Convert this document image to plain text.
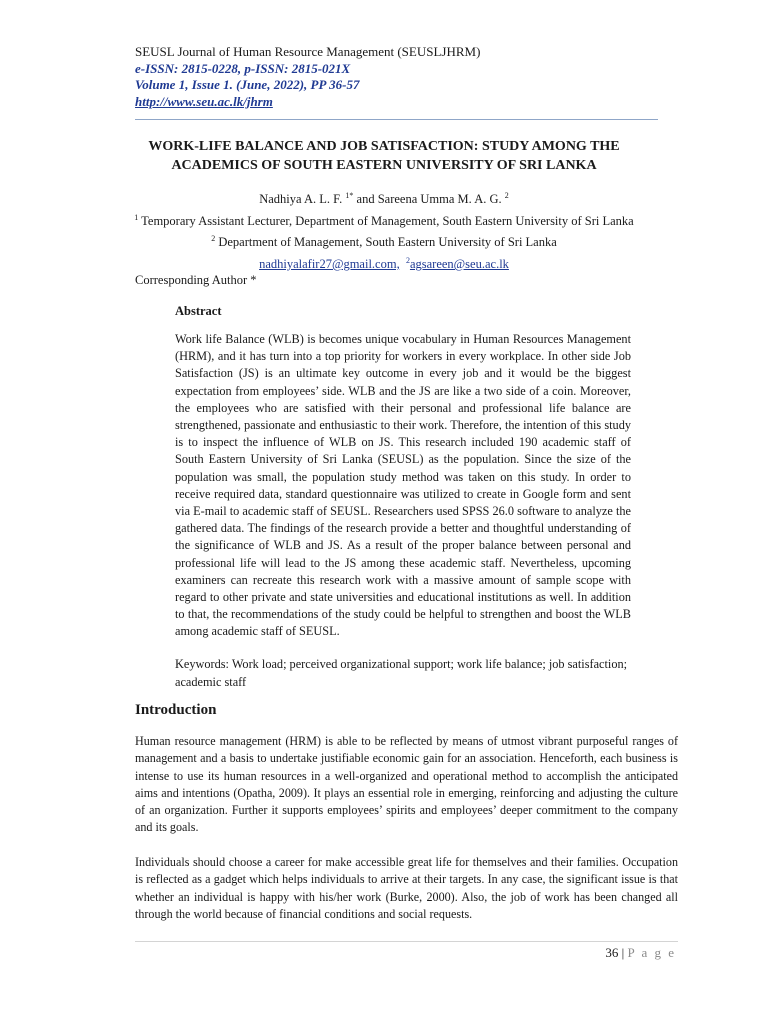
SEUSL Journal of Human Resource Management (SEUSLJHRM)
e-ISSN: 2815-0228, p-ISSN: 2815-021X
Volume 1, Issue 1. (June, 2022), PP 36-57
http://www.seu.ac.lk/jhrm
WORK-LIFE BALANCE AND JOB SATISFACTION: STUDY AMONG THE
ACADEMICS OF SOUTH EASTERN UNIVERSITY OF SRI LANKA
Nadhiya A. L. F. $^{1*}$ and Sareena Umma M. A. G. $^2$
$^1$ Temporary Assistant Lecturer, Department of Management, South Eastern University of Sri Lanka
$^2$ Department of Management, South Eastern University of Sri Lanka
nadhiyalafir27@gmail.com, $^2$agsareen@seu.ac.lk
Corresponding Author *
Abstract
Work life Balance (WLB) is becomes unique vocabulary in Human Resources Management (HRM), and it has turn into a top priority for workers in every workplace. In other side Job Satisfaction (JS) is an ultimate key outcome in every job and it would be the biggest expectation from employees’ side. WLB and the JS are like a two side of a coin. Moreover, the employees who are satisfied with their personal and professional life balance are strengthened, passionate and enthusiastic to their work. Therefore, the intention of this study is to inspect the influence of WLB on JS. This research included 190 academic staff of South Eastern University of Sri Lanka (SEUSL) as the population. Since the size of the population was small, the population study method was taken on this study. In order to receive required data, standard questionnaire was utilized to create in Google form and sent via E-mail to academic staff of SEUSL. Researchers used SPSS 26.0 software to analyze the gathered data. The findings of the research provide a better and thoughtful understanding of the significance of WLB and JS. As a result of the proper balance between personal and professional life will lead to the JS among these academic staff. Nevertheless, upcoming examiners can recreate this research work with a massive amount of sample scope with regard to other private and state universities and educational institutions as well. In addition to that, the recommendations of the study could be helpful to strengthen and boost the WLB among academic staff of SEUSL.
Keywords: Work load; perceived organizational support; work life balance; job satisfaction; academic staff
Introduction
Human resource management (HRM) is able to be reflected by means of utmost vibrant purposeful ranges of management and a basis to undertake justifiable economic gain for an association. Henceforth, each business is intense to use its human resources in a well-organized and operational method to accomplish the anticipated aims and intentions (Opatha, 2009). It plays an essential role in emerging, reinforcing and adjusting the culture of an organization. Further it supports employees’ spirits and employees’ deeper commitment to the company and its goals.
Individuals should choose a career for make accessible great life for themselves and their families. Occupation is reflected as a gadget which helps individuals to arrive at their targets. In any case, the significant issue is that whether an individual is happy with his/her work (Burke, 2000). Also, the job of work has been changed all through the world because of financial conditions and social requests.
36 | P a g e
